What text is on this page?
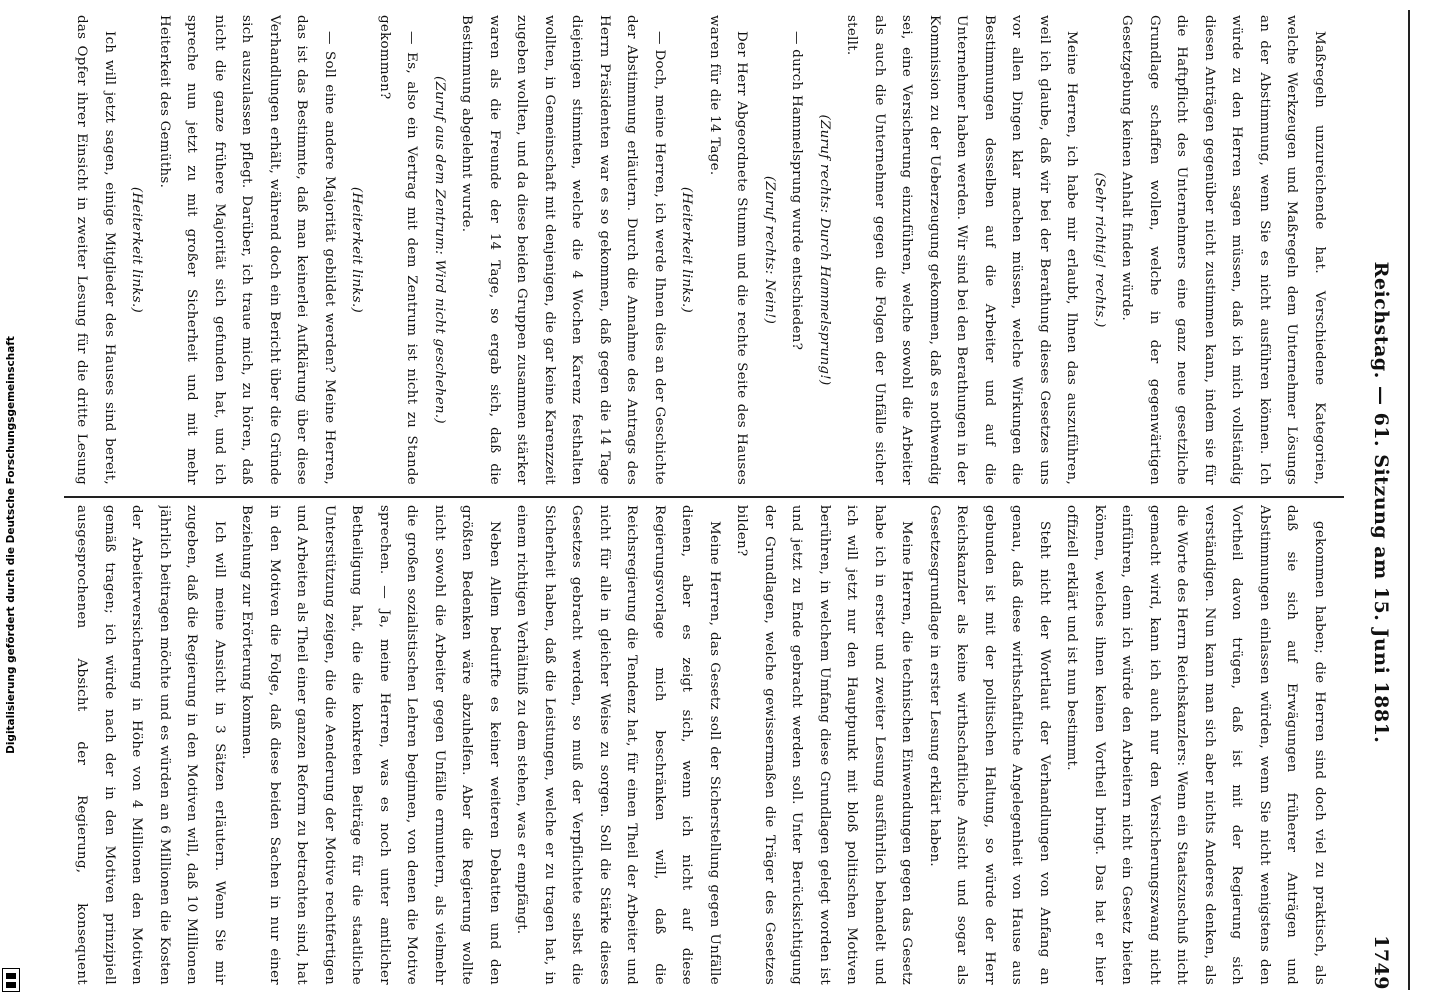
Digitalisierung gefördert durch die Deutsche Forschungsgemeinschaft	Reichstag. — 61. Sitzung am 15. Juni 1881.
1749

Maßregeln unzureichende hat. Verschiedene Kategorien, welche Werkzeugen und Maßregeln dem Unternehmer Lösungs an der Abstimmung, wenn Sie es nicht ausführen können. Ich würde zu den Herren sagen müssen, daß ich mich vollständig diesen Anträgen gegenüber nicht zustimmen kann, indem sie für die Haftpflicht des Unternehmers eine ganz neue gesetzliche Grundlage schaffen wollen, welche in der gegenwärtigen Gesetzgebung keinen Anhalt finden würde.

(Sehr richtig! rechts.)

Meine Herren, ich habe mir erlaubt, Ihnen das auszuführen, weil ich glaube, daß wir bei der Berathung dieses Gesetzes uns vor allen Dingen klar machen müssen, welche Wirkungen die Bestimmungen desselben auf die Arbeiter und auf die Unternehmer haben werden. Wir sind bei den Berathungen in der Kommission zu der Ueberzeugung gekommen, daß es nothwendig sei, eine Versicherung einzuführen, welche sowohl die Arbeiter als auch die Unternehmer gegen die Folgen der Unfälle sicher stellt.

(Zuruf rechts: Durch Hammelsprung!)

— durch Hammelsprung wurde entschieden?

(Zuruf rechts: Nein!)

Der Herr Abgeordnete Stumm und die rechte Seite des Hauses waren für die 14 Tage.

(Heiterkeit links.)

— Doch, meine Herren, ich werde Ihnen dies an der Geschichte der Abstimmung erläutern. Durch die Annahme des Antrags des Herrn Präsidenten war es so gekommen, daß gegen die 14 Tage diejenigen stimmten, welche die 4 Wochen Karenz festhalten wollten, in Gemeinschaft mit denjenigen, die gar keine Karenzzeit zugeben wollten, und da diese beiden Gruppen zusammen stärker waren als die Freunde der 14 Tage, so ergab sich, daß die Bestimmung abgelehnt wurde.

(Zuruf aus dem Zentrum: Wird nicht geschehen.)

— Es, also ein Vertrag mit dem Zentrum ist nicht zu Stande gekommen?

(Heiterkeit links.)

— Soll eine andere Majorität gebildet werden? Meine Herren, das ist das Bestimmte, daß man keinerlei Aufklärung über diese Verhandlungen erhält, während doch ein Bericht über die Gründe sich auszulassen pflegt. Darüber, ich traue mich, zu hören, daß nicht die ganze frühere Majorität sich gefunden hat, und ich spreche nun jetzt zu mit großer Sicherheit und mit mehr Heiterkeit des Gemüths.

(Heiterkeit links.)

Ich will jetzt sagen, einige Mitglieder des Hauses sind bereit, das Opfer ihrer Einsicht in zweiter Lesung für die dritte Lesung

gekommen haben; die Herren sind doch viel zu praktisch, als daß sie sich auf Erwägungen früherer Anträgen und Abstimmungen einlassen würden, wenn Sie nicht wenigstens den Vortheil davon trügen, daß ist mit der Regierung sich verständigen. Nun kann man sich aber nichts Anderes denken, als die Worte des Herrn Reichskanzlers: Wenn ein Staatszuschuß nicht gemacht wird, kann ich auch nur den Versicherungszwang nicht einführen, denn ich würde den Arbeitern nicht ein Gesetz bieten können, welches ihnen keinen Vortheil bringt. Das hat er hier offiziell erklärt und ist nun bestimmt.

Steht nicht der Wortlaut der Verhandlungen von Anfang an genau, daß diese wirthschaftliche Angelegenheit von Hause aus gebunden ist mit der politischen Haltung, so würde der Herr Reichskanzler als keine wirthschaftliche Ansicht und sogar als Gesetzesgrundlage in erster Lesung erklärt haben.

Meine Herren, die technischen Einwendungen gegen das Gesetz habe ich in erster und zweiter Lesung ausführlich behandelt und ich will jetzt nur den Hauptpunkt mit bloß politischen Motiven berühren, in welchem Umfang diese Grundlagen gelegt worden ist und jetzt zu Ende gebracht werden soll. Unter Berücksichtigung der Grundlagen, welche gewissermaßen die Träger des Gesetzes bilden?

Meine Herren, das Gesetz soll der Sicherstellung gegen Unfälle dienen, aber es zeigt sich, wenn ich nicht auf diese Regierungsvorlage mich beschränken will, daß die Reichsregierung die Tendenz hat, für einen Theil der Arbeiter und nicht für alle in gleicher Weise zu sorgen. Soll die Stärke dieses Gesetzes gebracht werden, so muß der Verpflichtete selbst die Sicherheit haben, daß die Leistungen, welche er zu tragen hat, in einem richtigen Verhältniß zu dem stehen, was er empfängt.

Neben Allem bedurfte es keiner weiteren Debatten und den größten Bedenken wäre abzuhelfen. Aber die Regierung wollte nicht sowohl die Arbeiter gegen Unfälle ermuntern, als vielmehr die großen sozialistischen Lehren beginnen, von denen die Motive sprechen. — Ja, meine Herren, was es noch unter amtlicher Betheiligung hat, die die konkreten Beiträge für die staatliche Unterstützung zeigen, die die Aenderung der Motive rechtfertigen und Arbeiten als Theil einer ganzen Reform zu betrachten sind, hat in den Motiven die Folge, daß diese beiden Sachen in nur einer Beziehung zur Erörterung kommen.

Ich will meine Ansicht in 3 Sätzen erläutern. Wenn Sie mir zugeben, daß die Regierung in den Motiven will, daß 10 Millionen jährlich beitragen möchte und es würden an 6 Millionen die Kosten der Arbeiterversicherung in Höhe von 4 Millionen den Motiven gemäß tragen; ich würde nach der in den Motiven prinzipiell ausgesprochenen Absicht der Regierung, konsequent
